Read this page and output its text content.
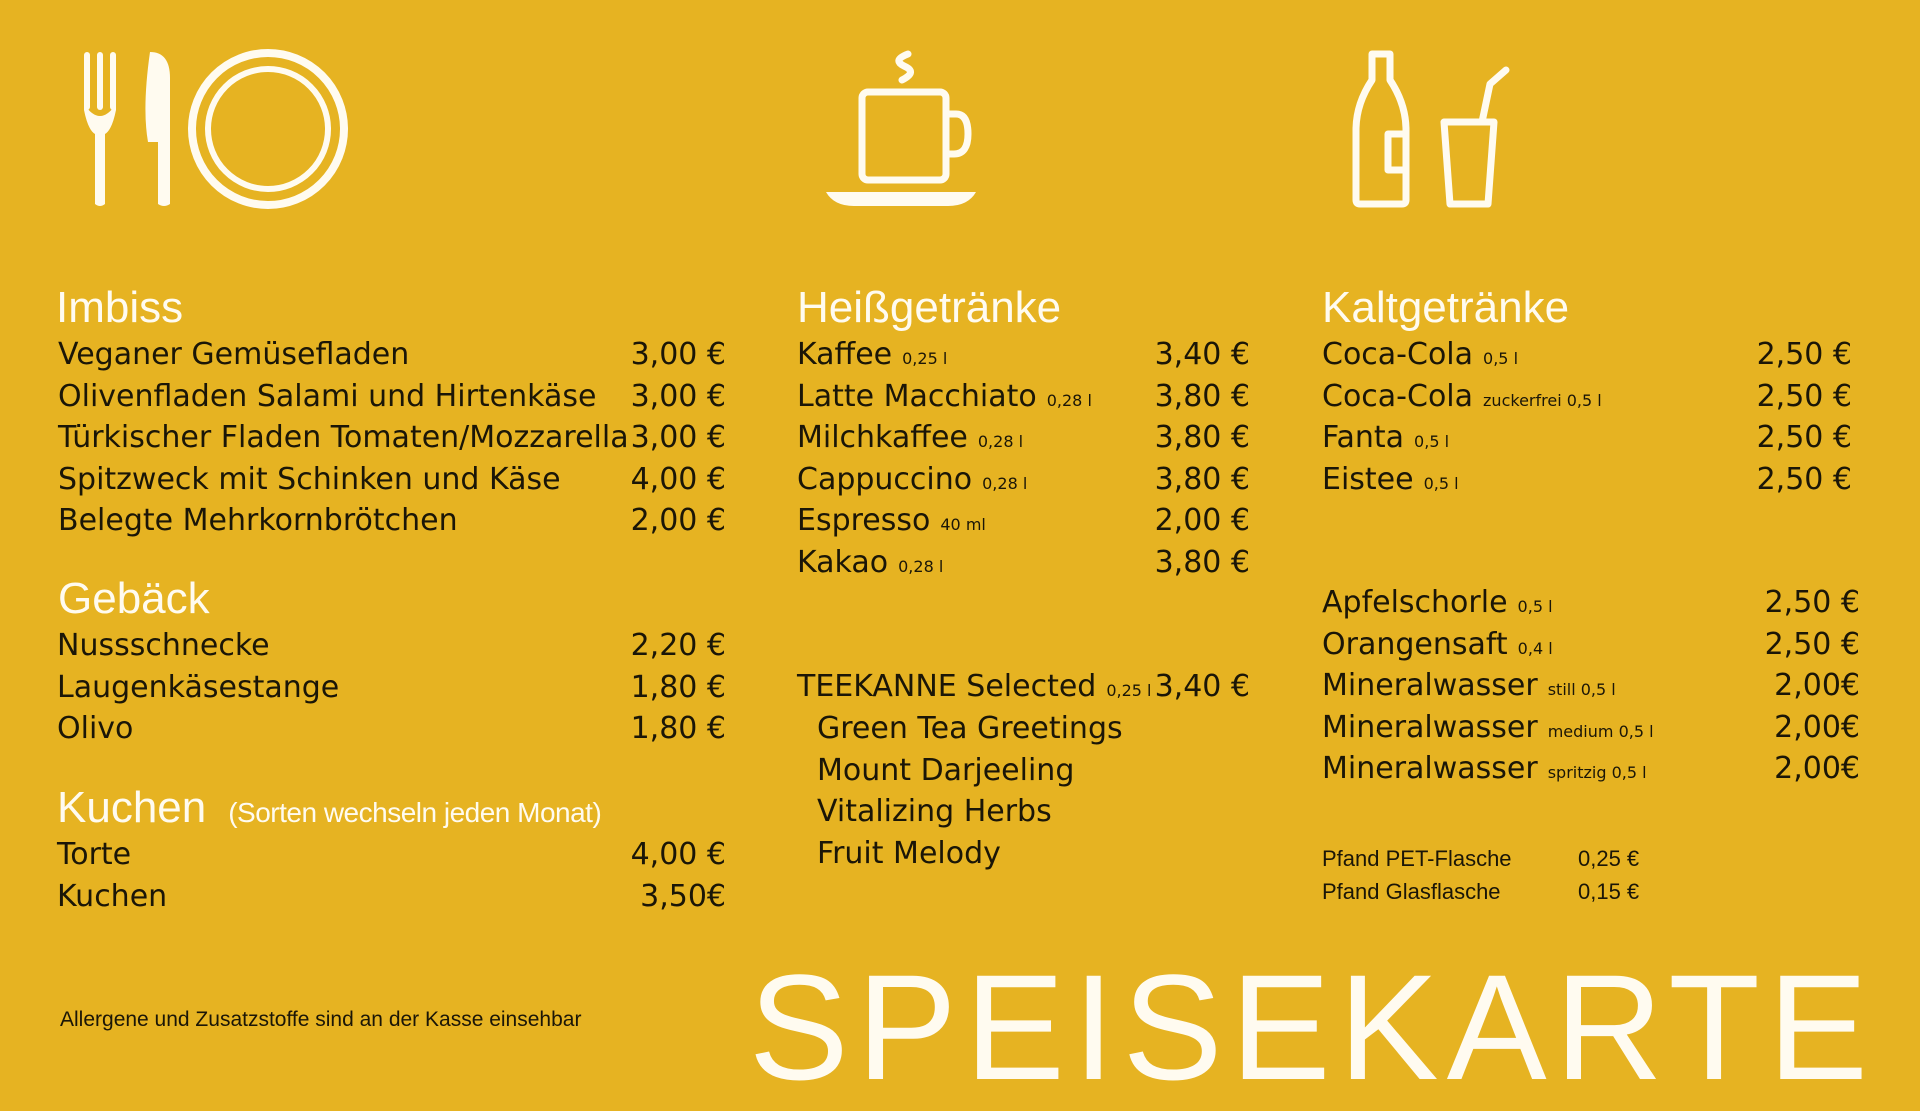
Imbiss
Veganer Gemüsefladen	3,00 €
Olivenfladen Salami und Hirtenkäse	3,00 €
Türkischer Fladen Tomaten/Mozzarella 3,00 €
Spitzweck mit Schinken und Käse	4,00 €
Belegte Mehrkornbrötchen	2,00 €
Gebäck
Nussschnecke	2,20 €
Laugenkäsestange	1,80 €
Olivo	1,80 €
Kuchen (Sorten wechseln jeden Monat)
Torte	4,00 €
Kuchen	3,50€
Heißgetränke
Kaffee 0,25 l	3,40 €
Latte Macchiato 0,28 l 3,80 €
Milchkaffee 0,28 l	3,80 €
Cappuccino 0,28 l	3,80 €
Espresso 40 ml	2,00 €
Kakao 0,28 l	3,80 €
TEEKANNE Selected 0,25 l 3,40 €
Green Tea Greetings
Mount Darjeeling
Vitalizing Herbs
Fruit Melody
Kaltgetränke
Coca-Cola 0,5 l	2,50 €
Coca-Cola zuckerfrei 0,5 l	2,50 €
Fanta 0,5 l	2,50 €
Eistee 0,5 l	2,50 €
Apfelschorle 0,5 l	2,50 €
Orangensaft 0,4 l	2,50 €
Mineralwasser still 0,5 l	2,00€
Mineralwasser medium 0,5 l	2,00€
Mineralwasser spritzig 0,5 l	2,00€
Pfand PET-Flasche	0,25 €
Pfand Glasflasche	0,15 €
Allergene und Zusatzstoffe sind an der Kasse einsehbar SPEISEKARTE
